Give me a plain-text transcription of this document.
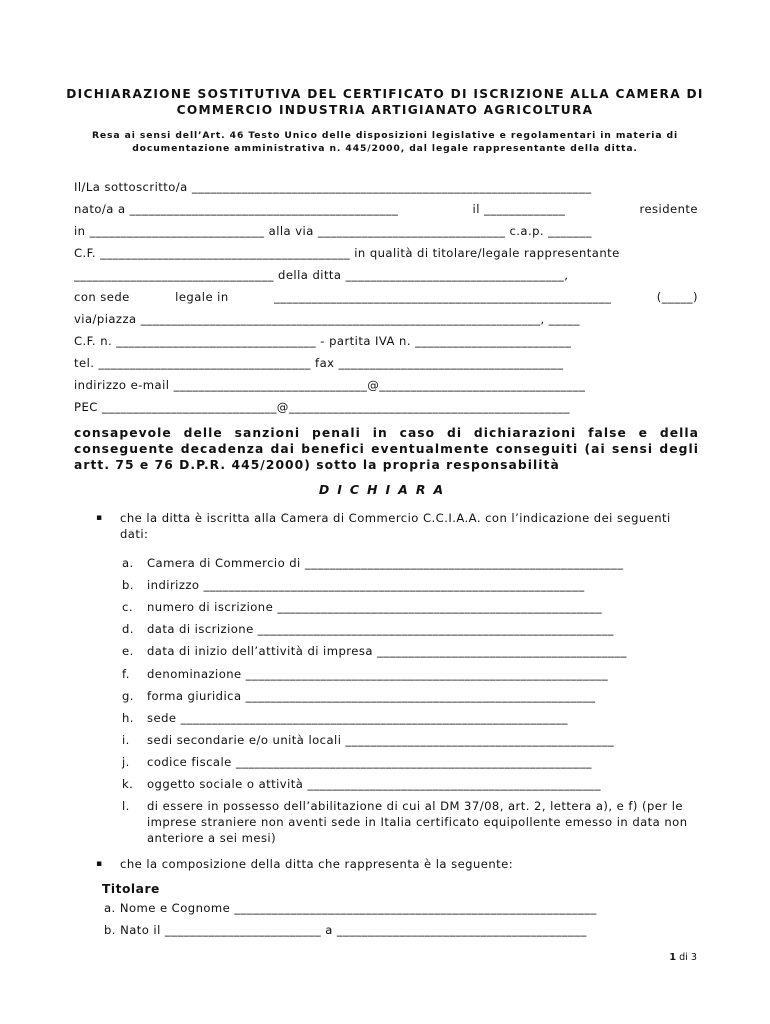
DICHIARAZIONE SOSTITUTIVA DEL CERTIFICATO DI ISCRIZIONE ALLA CAMERA DI
COMMERCIO INDUSTRIA ARTIGIANATO AGRICOLTURA
Resa ai sensi dell’Art. 46 Testo Unico delle disposizioni legislative e regolamentari in materia di
documentazione amministrativa n. 445/2000, dal legale rappresentante della ditta.
Il/La sottoscritto/a ________________________________________________________________
nato/a a ___________________________________________	il _____________	residente
in ____________________________ alla via ______________________________ c.a.p. _______
C.F. ________________________________________ in qualità di titolare/legale rappresentante
________________________________ della ditta ___________________________________,
con sede	legale in	______________________________________________________	(_____)
via/piazza ________________________________________________________________, _____
C.F. n. ________________________________ - partita IVA n. _________________________
tel. __________________________________ fax ____________________________________
indirizzo e-mail _______________________________@_________________________________
PEC ____________________________@_____________________________________________
consapevole delle sanzioni penali in caso di dichiarazioni false e della conseguente decadenza dai benefici eventualmente conseguiti (ai sensi degli artt. 75 e 76 D.P.R. 445/2000) sotto la propria responsabilità
DICHIARA
▪ che la ditta è iscritta alla Camera di Commercio C.C.I.A.A. con l’indicazione dei seguenti dati:
a. Camera di Commercio di ___________________________________________________
b. indirizzo _____________________________________________________________
c. numero di iscrizione ____________________________________________________
d. data di iscrizione _________________________________________________________
e. data di inizio dell’attività di impresa ________________________________________
f. denominazione __________________________________________________________
g. forma giuridica ________________________________________________________
h. sede ______________________________________________________________
i. sedi secondarie e/o unità locali ___________________________________________
j. codice fiscale _________________________________________________________
k. oggetto sociale o attività _______________________________________________
l. di essere in possesso dell’abilitazione di cui al DM 37/08, art. 2, lettera a), e f) (per le imprese straniere non aventi sede in Italia certificato equipollente emesso in data non anteriore a sei mesi)
▪ che la composizione della ditta che rappresenta è la seguente:
Titolare
a. Nome e Cognome __________________________________________________________
b. Nato il _________________________ a ________________________________________
1 di 3
